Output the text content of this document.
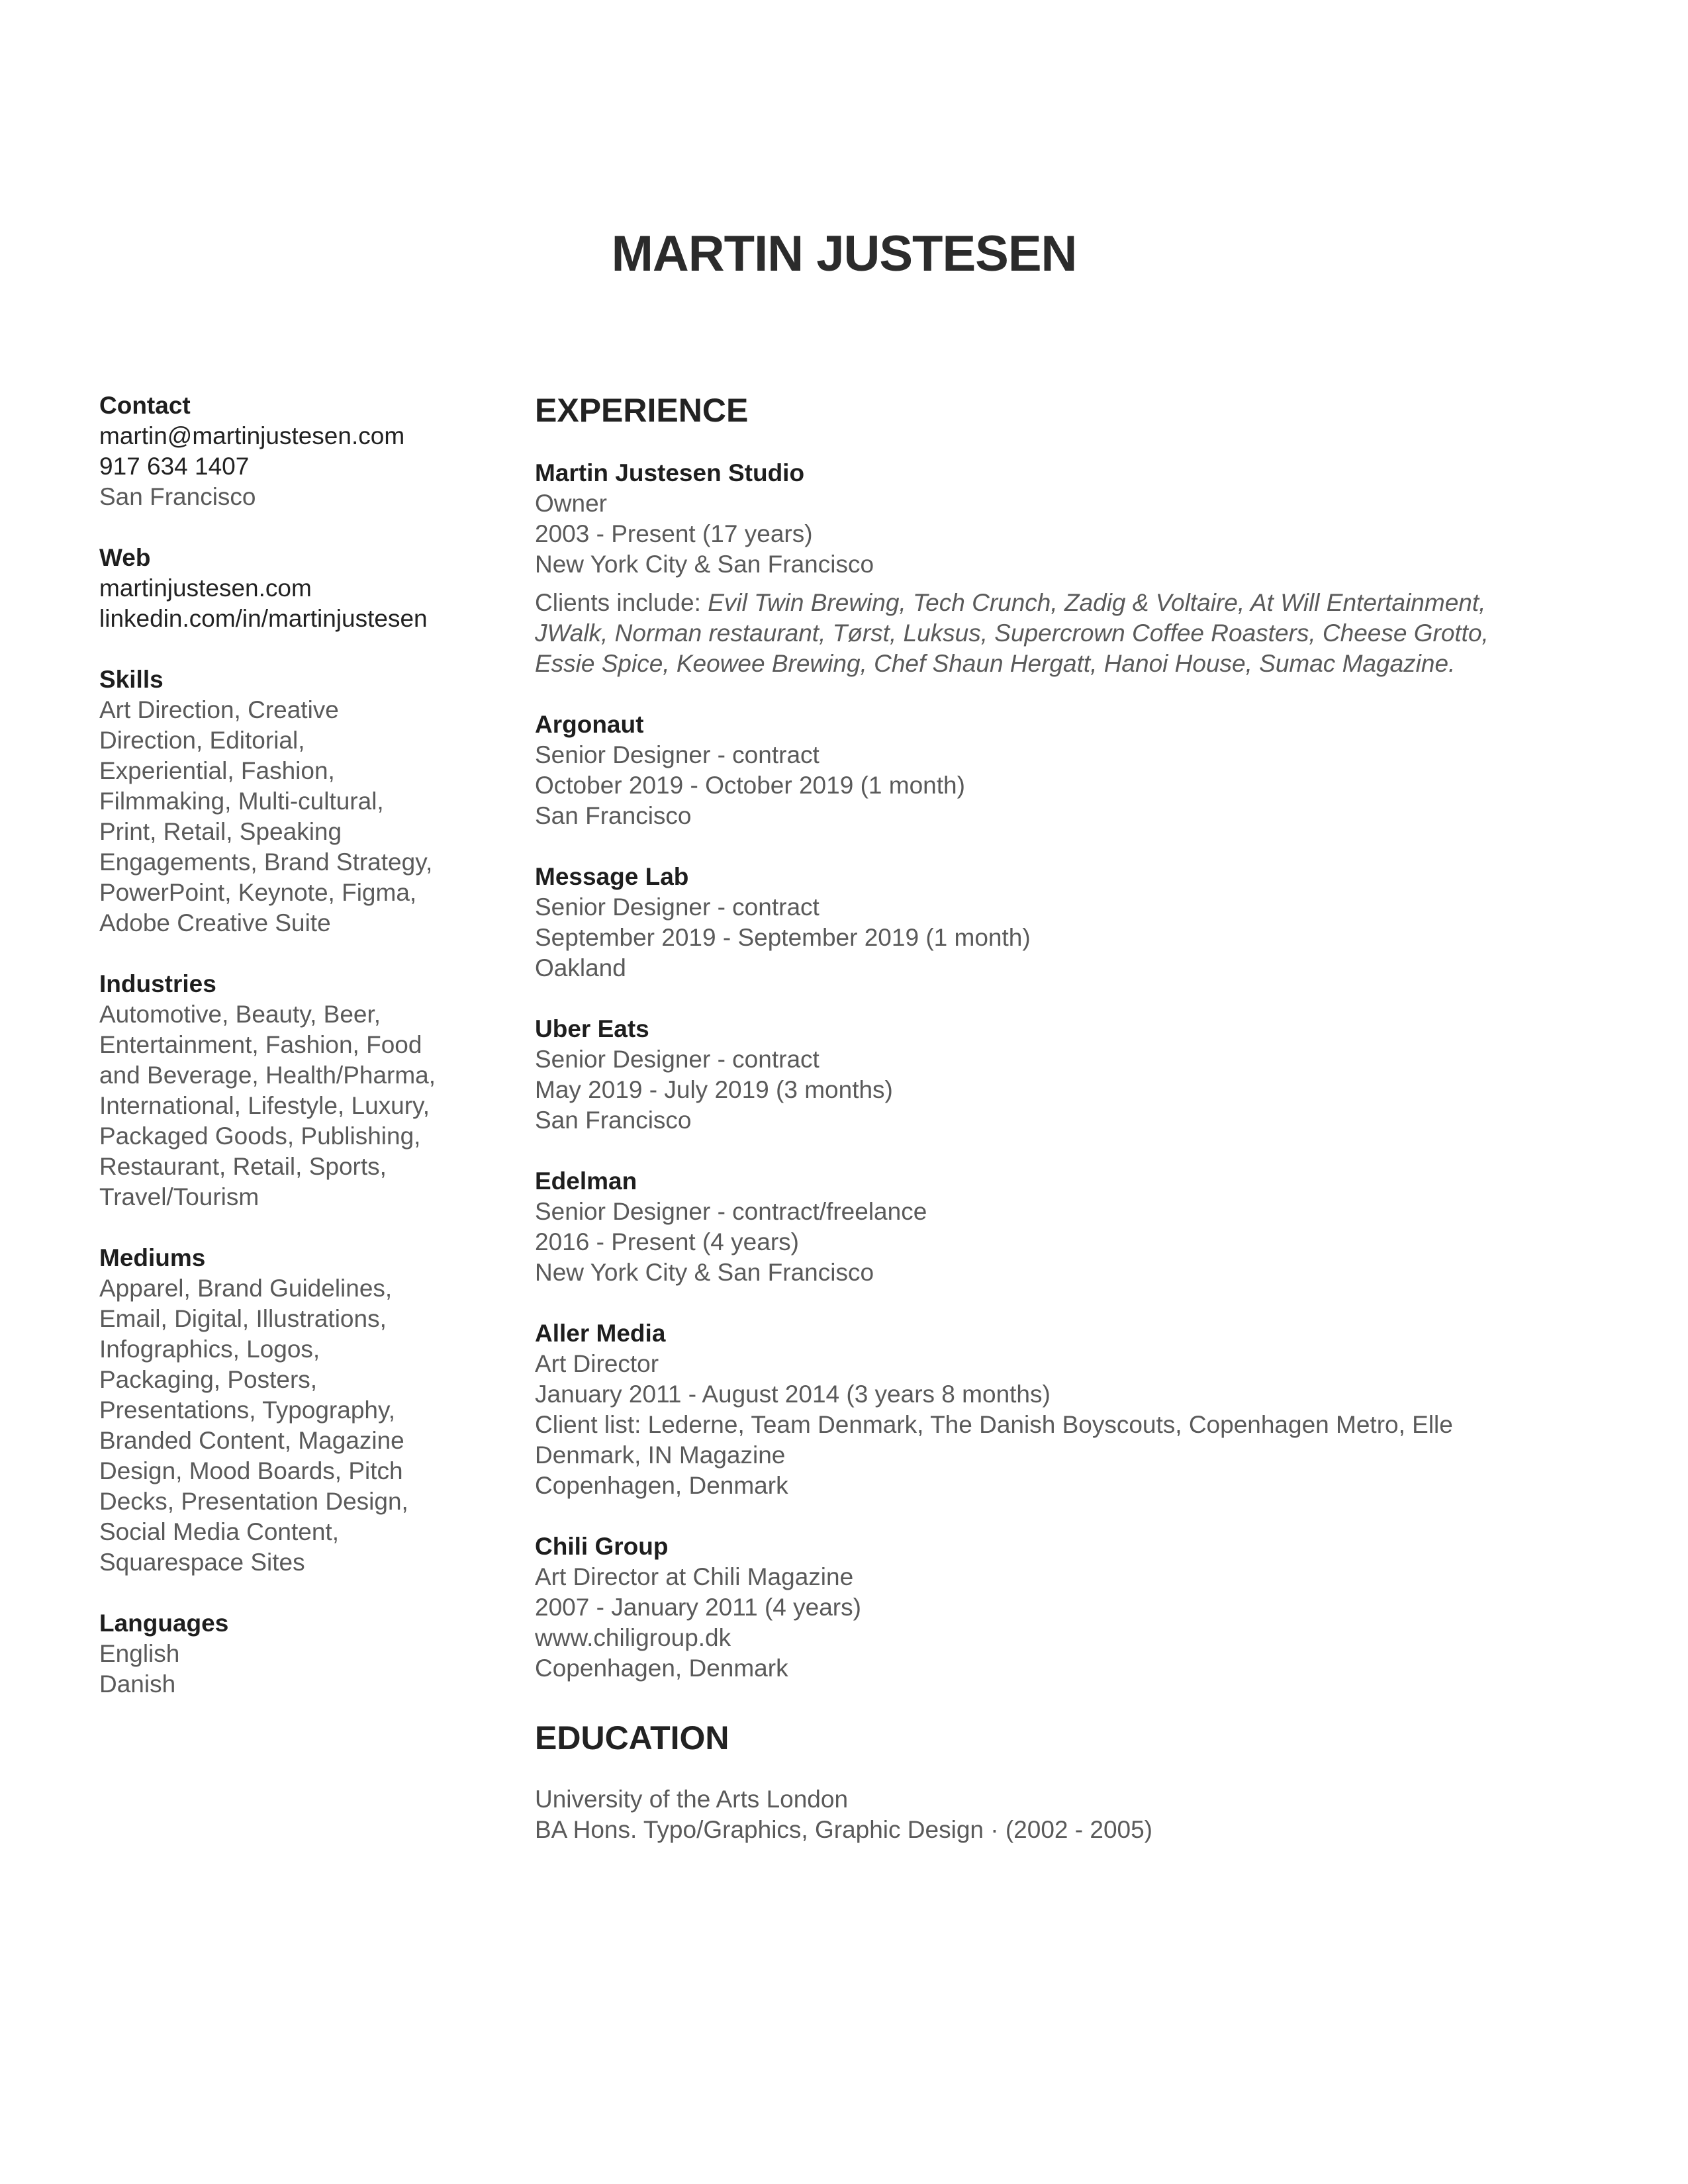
MARTIN JUSTESEN
Contact
martin@martinjustesen.com
917 634 1407
San Francisco
Web
martinjustesen.com
linkedin.com/in/martinjustesen
Skills
Art Direction, Creative
Direction, Editorial,
Experiential, Fashion,
Filmmaking, Multi-cultural,
Print, Retail, Speaking
Engagements, Brand Strategy,
PowerPoint, Keynote, Figma,
Adobe Creative Suite
Industries
Automotive, Beauty, Beer,
Entertainment, Fashion, Food
and Beverage, Health/Pharma,
International, Lifestyle, Luxury,
Packaged Goods, Publishing,
Restaurant, Retail, Sports,
Travel/Tourism
Mediums
Apparel, Brand Guidelines,
Email, Digital, Illustrations,
Infographics, Logos,
Packaging, Posters,
Presentations, Typography,
Branded Content, Magazine
Design, Mood Boards, Pitch
Decks, Presentation Design,
Social Media Content,
Squarespace Sites
Languages
English
Danish
EXPERIENCE
Martin Justesen Studio
Owner
2003 - Present (17 years)
New York City & San Francisco
Clients include: Evil Twin Brewing, Tech Crunch, Zadig & Voltaire, At Will Entertainment,
JWalk, Norman restaurant, Tørst, Luksus, Supercrown Coffee Roasters, Cheese Grotto,
Essie Spice, Keowee Brewing, Chef Shaun Hergatt, Hanoi House, Sumac Magazine.
Argonaut
Senior Designer - contract
October 2019 - October 2019 (1 month)
San Francisco
Message Lab
Senior Designer - contract
September 2019 - September 2019 (1 month)
Oakland
Uber Eats
Senior Designer - contract
May 2019 - July 2019 (3 months)
San Francisco
Edelman
Senior Designer - contract/freelance
2016 - Present (4 years)
New York City & San Francisco
Aller Media
Art Director
January 2011 - August 2014 (3 years 8 months)
Client list: Lederne, Team Denmark, The Danish Boyscouts, Copenhagen Metro, Elle
Denmark, IN Magazine
Copenhagen, Denmark
Chili Group
Art Director at Chili Magazine
2007 - January 2011 (4 years)
www.chiligroup.dk
Copenhagen, Denmark
EDUCATION
University of the Arts London
BA Hons. Typo/Graphics, Graphic Design · (2002 - 2005)
